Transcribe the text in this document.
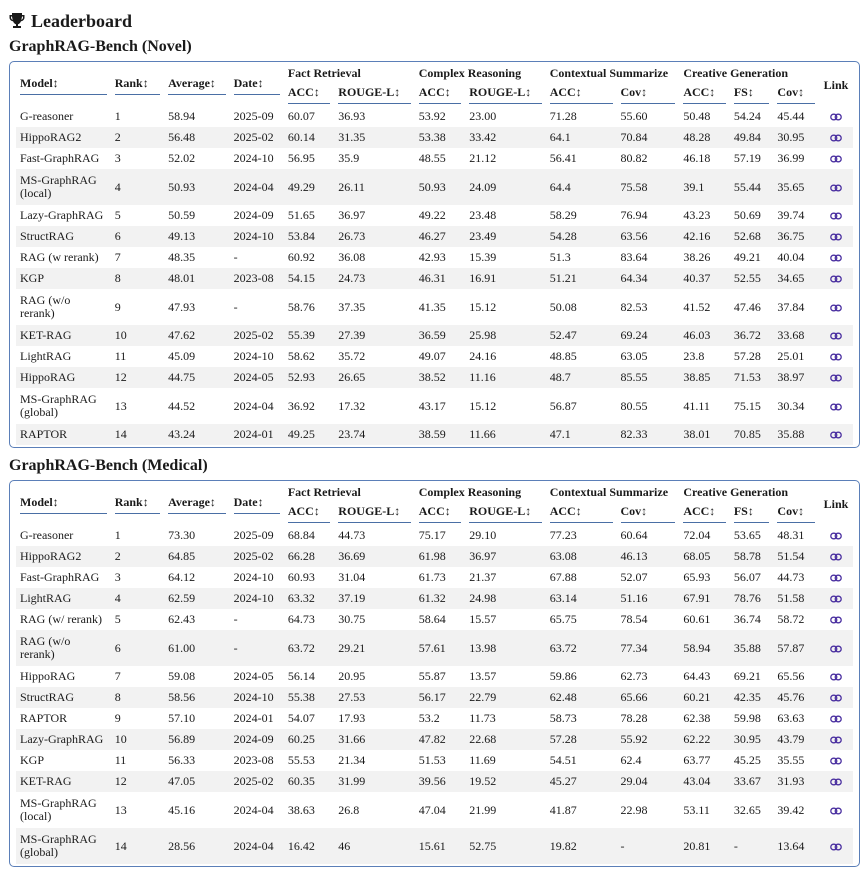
Leaderboard
GraphRAG-Bench (Novel)
Model↕	Rank↕	Average↕	Date↕	Fact Retrieval		Complex Reasoning		Contextual Summarize		Creative Generation			Link

				ACC↕	ROUGE-L↕	ACC↕	ROUGE-L↕	ACC↕	Cov↕	ACC↕	FS↕	Cov↕	

G-reasoner	1	58.94	2025-09	60.07	36.93	53.92	23.00	71.28	55.60	50.48	54.24	45.44	
HippoRAG2	2	56.48	2025-02	60.14	31.35	53.38	33.42	64.1	70.84	48.28	49.84	30.95	
Fast-GraphRAG	3	52.02	2024-10	56.95	35.9	48.55	21.12	56.41	80.82	46.18	57.19	36.99	
MS-GraphRAG (local)	4	50.93	2024-04	49.29	26.11	50.93	24.09	64.4	75.58	39.1	55.44	35.65	
Lazy-GraphRAG	5	50.59	2024-09	51.65	36.97	49.22	23.48	58.29	76.94	43.23	50.69	39.74	
StructRAG	6	49.13	2024-10	53.84	26.73	46.27	23.49	54.28	63.56	42.16	52.68	36.75	
RAG (w rerank)	7	48.35	-	60.92	36.08	42.93	15.39	51.3	83.64	38.26	49.21	40.04	
KGP	8	48.01	2023-08	54.15	24.73	46.31	16.91	51.21	64.34	40.37	52.55	34.65	
RAG (w/o rerank)	9	47.93	-	58.76	37.35	41.35	15.12	50.08	82.53	41.52	47.46	37.84	
KET-RAG	10	47.62	2025-02	55.39	27.39	36.59	25.98	52.47	69.24	46.03	36.72	33.68	
LightRAG	11	45.09	2024-10	58.62	35.72	49.07	24.16	48.85	63.05	23.8	57.28	25.01	
HippoRAG	12	44.75	2024-05	52.93	26.65	38.52	11.16	48.7	85.55	38.85	71.53	38.97	
MS-GraphRAG (global)	13	44.52	2024-04	36.92	17.32	43.17	15.12	56.87	80.55	41.11	75.15	30.34	
RAPTOR	14	43.24	2024-01	49.25	23.74	38.59	11.66	47.1	82.33	38.01	70.85	35.88	
GraphRAG-Bench (Medical)
Model↕	Rank↕	Average↕	Date↕	Fact Retrieval		Complex Reasoning		Contextual Summarize		Creative Generation			Link

				ACC↕	ROUGE-L↕	ACC↕	ROUGE-L↕	ACC↕	Cov↕	ACC↕	FS↕	Cov↕	

G-reasoner	1	73.30	2025-09	68.84	44.73	75.17	29.10	77.23	60.64	72.04	53.65	48.31	
HippoRAG2	2	64.85	2025-02	66.28	36.69	61.98	36.97	63.08	46.13	68.05	58.78	51.54	
Fast-GraphRAG	3	64.12	2024-10	60.93	31.04	61.73	21.37	67.88	52.07	65.93	56.07	44.73	
LightRAG	4	62.59	2024-10	63.32	37.19	61.32	24.98	63.14	51.16	67.91	78.76	51.58	
RAG (w/ rerank)	5	62.43	-	64.73	30.75	58.64	15.57	65.75	78.54	60.61	36.74	58.72	
RAG (w/o rerank)	6	61.00	-	63.72	29.21	57.61	13.98	63.72	77.34	58.94	35.88	57.87	
HippoRAG	7	59.08	2024-05	56.14	20.95	55.87	13.57	59.86	62.73	64.43	69.21	65.56	
StructRAG	8	58.56	2024-10	55.38	27.53	56.17	22.79	62.48	65.66	60.21	42.35	45.76	
RAPTOR	9	57.10	2024-01	54.07	17.93	53.2	11.73	58.73	78.28	62.38	59.98	63.63	
Lazy-GraphRAG	10	56.89	2024-09	60.25	31.66	47.82	22.68	57.28	55.92	62.22	30.95	43.79	
KGP	11	56.33	2023-08	55.53	21.34	51.53	11.69	54.51	62.4	63.77	45.25	35.55	
KET-RAG	12	47.05	2025-02	60.35	31.99	39.56	19.52	45.27	29.04	43.04	33.67	31.93	
MS-GraphRAG (local)	13	45.16	2024-04	38.63	26.8	47.04	21.99	41.87	22.98	53.11	32.65	39.42	
MS-GraphRAG (global)	14	28.56	2024-04	16.42	46	15.61	52.75	19.82	-	20.81	-	13.64	
